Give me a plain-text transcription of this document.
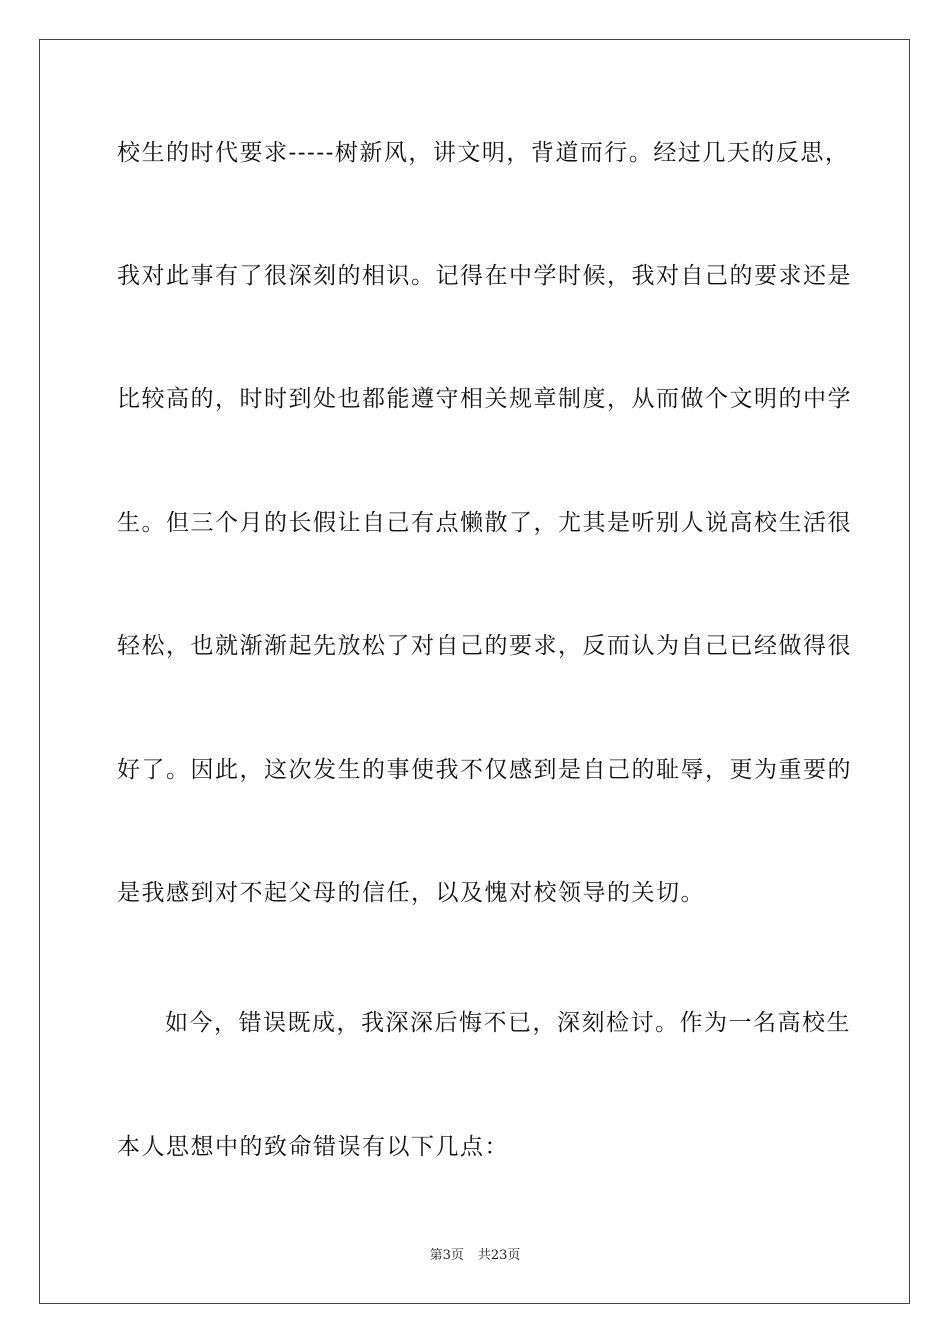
校生的时代要求-----树新风，讲文明，背道而行。经过几天的反思，
我对此事有了很深刻的相识。记得在中学时候，我对自己的要求还是
比较高的，时时到处也都能遵守相关规章制度，从而做个文明的中学
生。但三个月的长假让自己有点懒散了，尤其是听别人说高校生活很
轻松，也就渐渐起先放松了对自己的要求，反而认为自己已经做得很
好了。因此，这次发生的事使我不仅感到是自己的耻辱，更为重要的
是我感到对不起父母的信任，以及愧对校领导的关切。
如今，错误既成，我深深后悔不已，深刻检讨。作为一名高校生
本人思想中的致命错误有以下几点：
第3页 共23页
